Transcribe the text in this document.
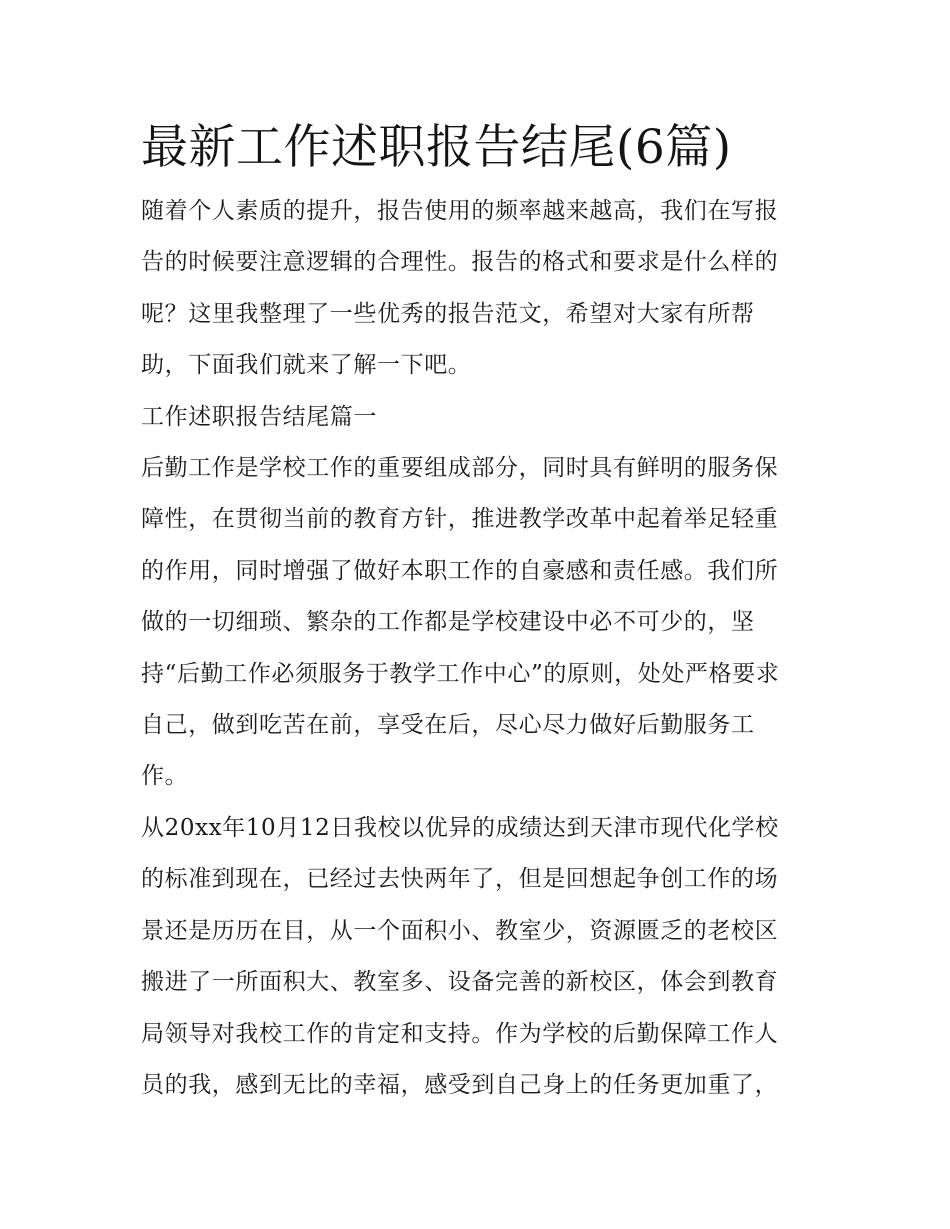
最新工作述职报告结尾(6篇)

随着个人素质的提升，报告使用的频率越来越高，我们在写报
告的时候要注意逻辑的合理性。报告的格式和要求是什么样的
呢？这里我整理了一些优秀的报告范文，希望对大家有所帮
助，下面我们就来了解一下吧。

工作述职报告结尾篇一

后勤工作是学校工作的重要组成部分，同时具有鲜明的服务保
障性，在贯彻当前的教育方针，推进教学改革中起着举足轻重
的作用，同时增强了做好本职工作的自豪感和责任感。我们所
做的一切细琐、繁杂的工作都是学校建设中必不可少的，坚
持“后勤工作必须服务于教学工作中心”的原则，处处严格要求
自己，做到吃苦在前，享受在后，尽心尽力做好后勤服务工
作。

从20xx年10月12日我校以优异的成绩达到天津市现代化学校
的标准到现在，已经过去快两年了，但是回想起争创工作的场
景还是历历在目，从一个面积小、教室少，资源匮乏的老校区
搬进了一所面积大、教室多、设备完善的新校区，体会到教育
局领导对我校工作的肯定和支持。作为学校的后勤保障工作人
员的我，感到无比的幸福，感受到自己身上的任务更加重了，
